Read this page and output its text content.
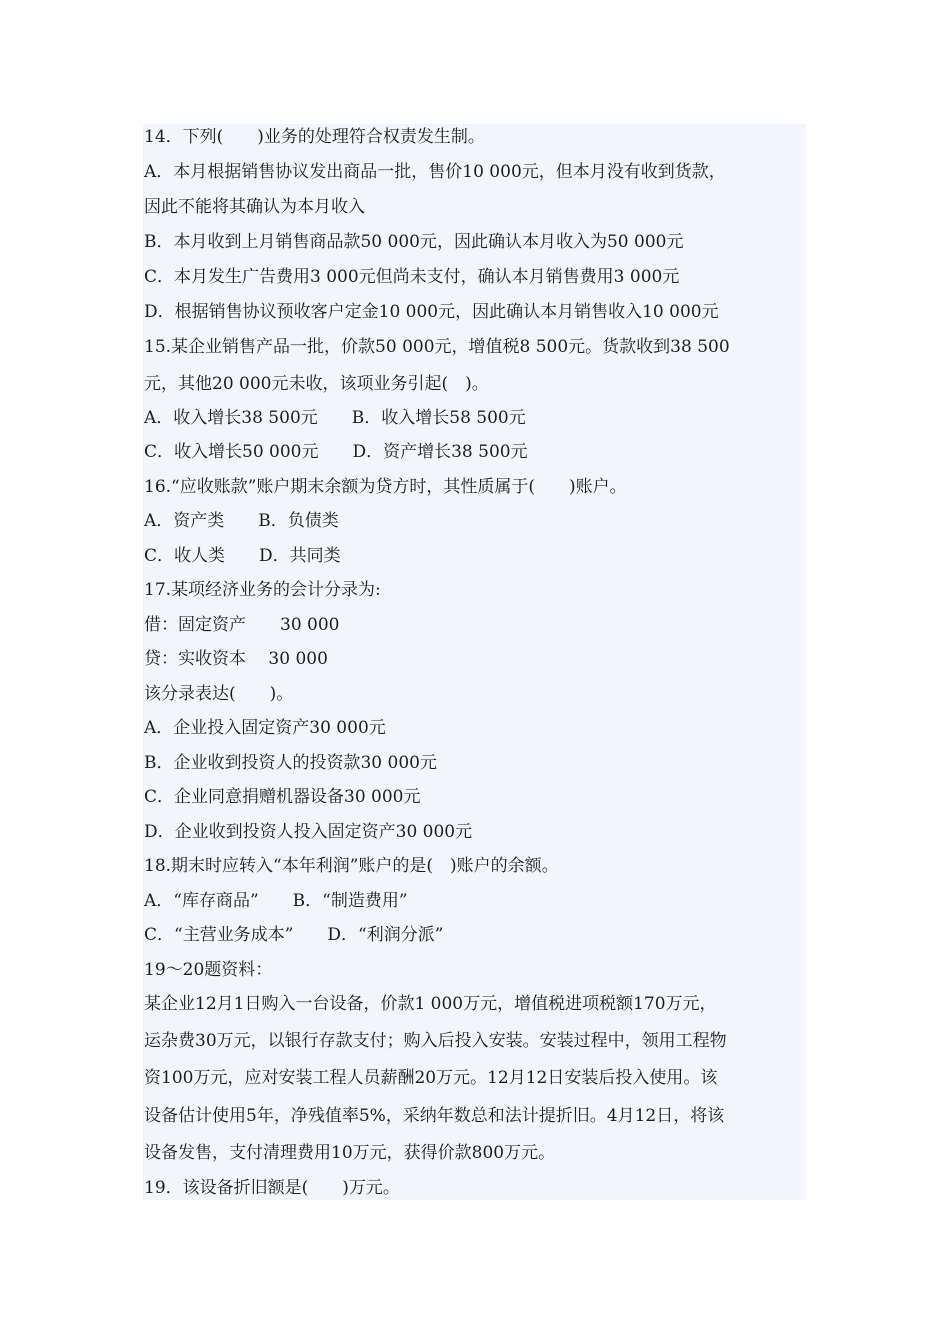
14．下列(　　)业务的处理符合权责发生制。
A．本月根据销售协议发出商品一批，售价10 000元，但本月没有收到货款，
因此不能将其确认为本月收入
B．本月收到上月销售商品款50 000元，因此确认本月收入为50 000元
C．本月发生广告费用3 000元但尚未支付，确认本月销售费用3 000元
D．根据销售协议预收客户定金10 000元，因此确认本月销售收入10 000元
15.某企业销售产品一批，价款50 000元，增值税8 500元。货款收到38 500
元，其他20 000元未收，该项业务引起(　)。
A．收入增长38 500元　　B．收入增长58 500元
C．收入增长50 000元　　D．资产增长38 500元
16.“应收账款”账户期末余额为贷方时，其性质属于(　　)账户。
A．资产类　　B．负债类
C．收人类　　D．共同类
17.某项经济业务的会计分录为:
借：固定资产　　30 000
贷：实收资本　 30 000
该分录表达(　　)。
A．企业投入固定资产30 000元
B．企业收到投资人的投资款30 000元
C．企业同意捐赠机器设备30 000元
D．企业收到投资人投入固定资产30 000元
18.期末时应转入“本年利润”账户的是(　)账户的余额。
A．“库存商品”　　B．“制造费用”
C．“主营业务成本”　　D．“利润分派”
19～20题资料：
某企业12月1日购入一台设备，价款1 000万元，增值税进项税额170万元，
运杂费30万元，以银行存款支付；购入后投入安装。安装过程中，领用工程物
资100万元，应对安装工程人员薪酬20万元。12月12日安装后投入使用。该
设备估计使用5年，净残值率5%，采纳年数总和法计提折旧。4月12日，将该
设备发售，支付清理费用10万元，获得价款800万元。
19．该设备折旧额是(　　)万元。
